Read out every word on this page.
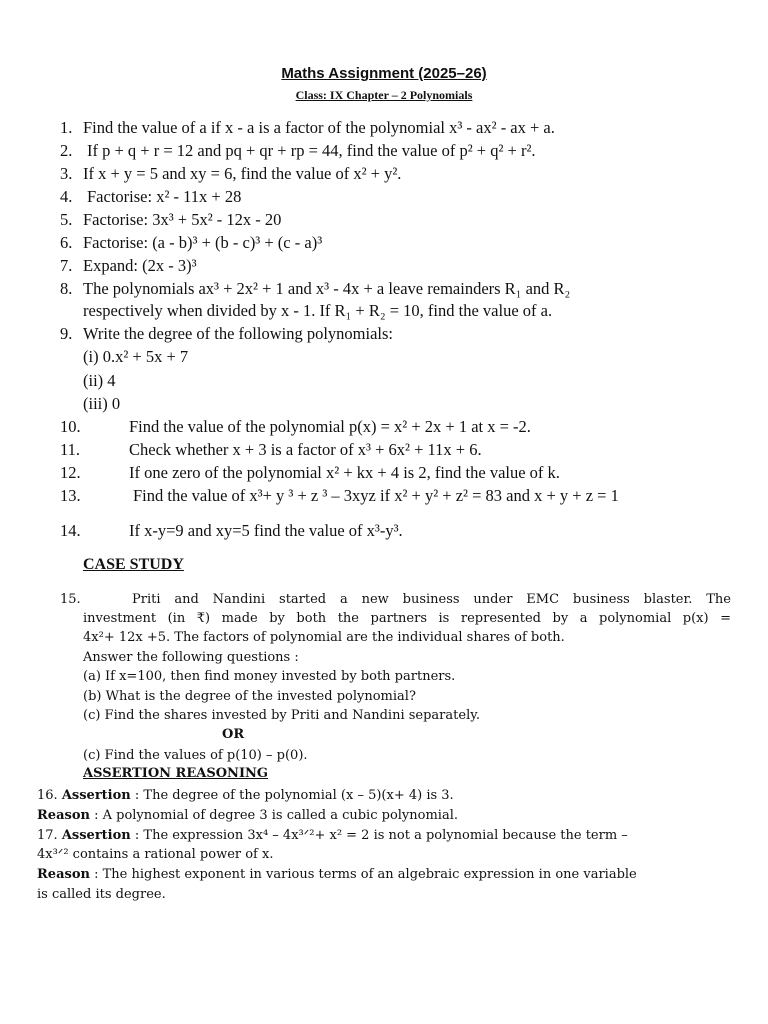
Maths Assignment (2025–26)
Class: IX Chapter – 2 Polynomials
1. Find the value of a if x - a is a factor of the polynomial x³ - ax² - ax + a.
2. If p + q + r = 12 and pq + qr + rp = 44, find the value of p² + q² + r².
3. If x + y = 5 and xy = 6, find the value of x² + y².
4. Factorise: x² - 11x + 28
5. Factorise: 3x³ + 5x² - 12x - 20
6. Factorise: (a - b)³ + (b - c)³ + (c - a)³
7. Expand: (2x - 3)³
8. The polynomials ax³ + 2x² + 1 and x³ - 4x + a leave remainders R₁ and R₂
respectively when divided by x - 1. If R₁ + R₂ = 10, find the value of a.
9. Write the degree of the following polynomials:
(i) 0.x² + 5x + 7
(ii) 4
(iii) 0
10.	Find the value of the polynomial p(x) = x² + 2x + 1 at x = -2.
11.	Check whether x + 3 is a factor of x³ + 6x² + 11x + 6.
12.	If one zero of the polynomial x² + kx + 4 is 2, find the value of k.
13.	Find the value of x³+ y ³ + z ³ – 3xyz if x² + y² + z² = 83 and x + y + z = 1
14.	If x-y=9 and xy=5 find the value of x³-y³.
CASE STUDY
15.	Priti and Nandini started a new business under EMC business blaster. The
investment (in ₹) made by both the partners is represented by a polynomial p(x) =
4x²+ 12x +5. The factors of polynomial are the individual shares of both.
Answer the following questions :
(a) If x=100, then find money invested by both partners.
(b) What is the degree of the invested polynomial?
(c) Find the shares invested by Priti and Nandini separately.
OR
(c) Find the values of p(10) – p(0).
ASSERTION REASONING
16. Assertion : The degree of the polynomial (x – 5)(x+ 4) is 3.
Reason : A polynomial of degree 3 is called a cubic polynomial.
17. Assertion : The expression 3x⁴ – 4x³ᐟ²+ x² = 2 is not a polynomial because the term –
4x³ᐟ² contains a rational power of x.
Reason : The highest exponent in various terms of an algebraic expression in one variable
is called its degree.
